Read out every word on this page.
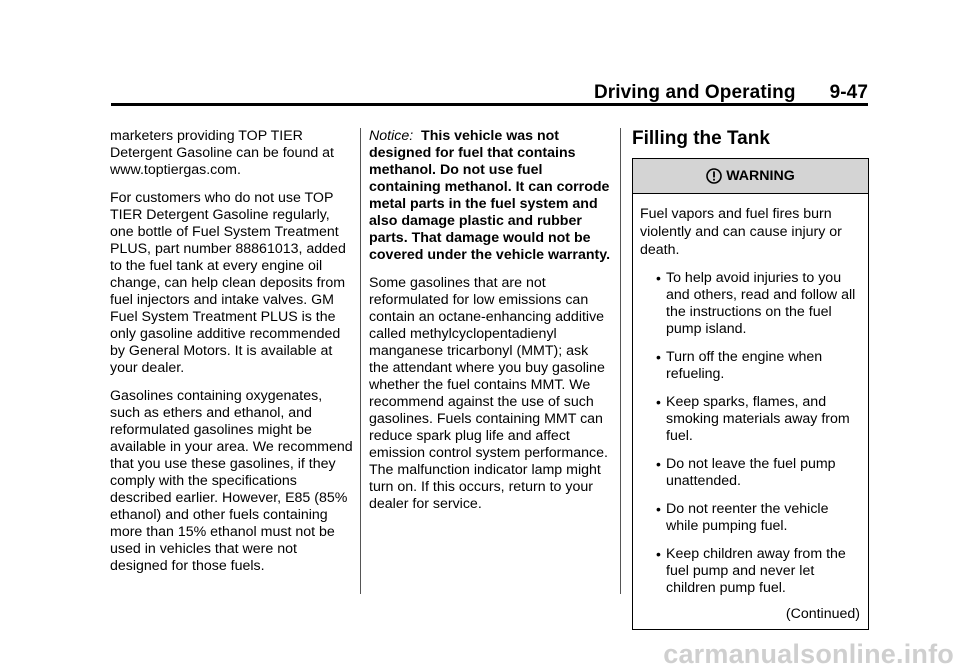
Driving and Operating 9-47

marketers providing TOP TIER Detergent Gasoline can be found at www.toptiergas.com.

For customers who do not use TOP TIER Detergent Gasoline regularly, one bottle of Fuel System Treatment PLUS, part number 88861013, added to the fuel tank at every engine oil change, can help clean deposits from fuel injectors and intake valves. GM Fuel System Treatment PLUS is the only gasoline additive recommended by General Motors. It is available at your dealer.

Gasolines containing oxygenates, such as ethers and ethanol, and reformulated gasolines might be available in your area. We recommend that you use these gasolines, if they comply with the specifications described earlier. However, E85 (85% ethanol) and other fuels containing more than 15% ethanol must not be used in vehicles that were not designed for those fuels.

Notice: This vehicle was not designed for fuel that contains methanol. Do not use fuel containing methanol. It can corrode metal parts in the fuel system and also damage plastic and rubber parts. That damage would not be covered under the vehicle warranty.

Some gasolines that are not reformulated for low emissions can contain an octane-enhancing additive called methylcyclopentadienyl manganese tricarbonyl (MMT); ask the attendant where you buy gasoline whether the fuel contains MMT. We recommend against the use of such gasolines. Fuels containing MMT can reduce spark plug life and affect emission control system performance. The malfunction indicator lamp might turn on. If this occurs, return to your dealer for service.

Filling the Tank
WARNING

Fuel vapors and fuel fires burn violently and can cause injury or death.

• To help avoid injuries to you and others, read and follow all the instructions on the fuel pump island.
• Turn off the engine when refueling.
• Keep sparks, flames, and smoking materials away from fuel.
• Do not leave the fuel pump unattended.
• Do not reenter the vehicle while pumping fuel.
• Keep children away from the fuel pump and never let children pump fuel.
(Continued)
carmanualsonline.info
